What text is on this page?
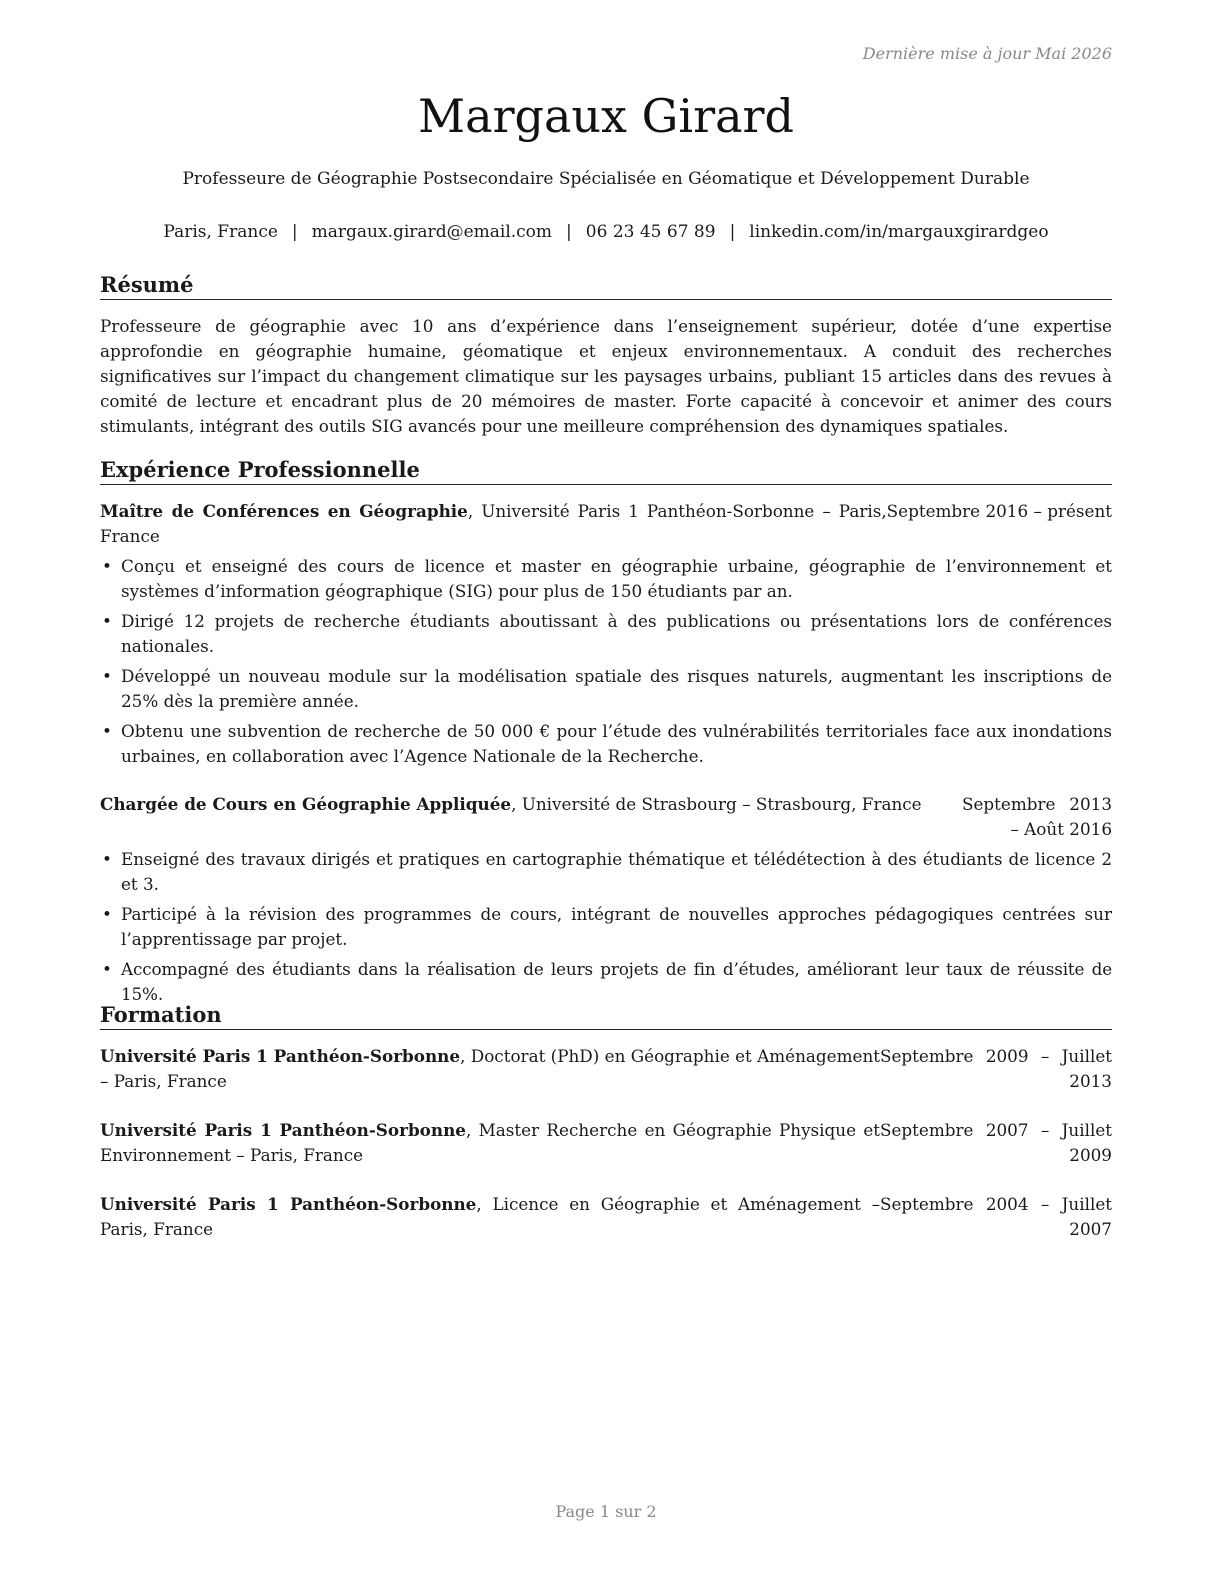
Dernière mise à jour Mai 2026
Margaux Girard
Professeure de Géographie Postsecondaire Spécialisée en Géomatique et Développement Durable
Paris, France | margaux.girard@email.com | 06 23 45 67 89 | linkedin.com/in/margauxgirardgeo
Résumé
Professeure de géographie avec 10 ans d’expérience dans l’enseignement supérieur, dotée d’une expertise approfondie en géographie humaine, géomatique et enjeux environnementaux. A conduit des recherches significatives sur l’impact du changement climatique sur les paysages urbains, publiant 15 articles dans des revues à comité de lecture et encadrant plus de 20 mémoires de master. Forte capacité à concevoir et animer des cours stimulants, intégrant des outils SIG avancés pour une meilleure compréhension des dynamiques spatiales.
Expérience Professionnelle
Maître de Conférences en Géographie, Université Paris 1 Panthéon-Sorbonne – Paris, France
Septembre 2016 – présent
• Conçu et enseigné des cours de licence et master en géographie urbaine, géographie de l’environnement et systèmes d’information géographique (SIG) pour plus de 150 étudiants par an.
• Dirigé 12 projets de recherche étudiants aboutissant à des publications ou présentations lors de conférences nationales.
• Développé un nouveau module sur la modélisation spatiale des risques naturels, augmentant les inscriptions de 25% dès la première année.
• Obtenu une subvention de recherche de 50 000 € pour l’étude des vulnérabilités territoriales face aux inondations urbaines, en collaboration avec l’Agence Nationale de la Recherche.
Chargée de Cours en Géographie Appliquée, Université de Strasbourg – Strasbourg, France	Septembre 2013 – Août 2016
• Enseigné des travaux dirigés et pratiques en cartographie thématique et télédétection à des étudiants de licence 2 et 3.
• Participé à la révision des programmes de cours, intégrant de nouvelles approches pédagogiques centrées sur l’apprentissage par projet.
• Accompagné des étudiants dans la réalisation de leurs projets de fin d’études, améliorant leur taux de réussite de 15%.
Formation
Université Paris 1 Panthéon-Sorbonne, Doctorat (PhD) en Géographie et Aménagement – Paris, France
Septembre 2009 – Juillet 2013
Université Paris 1 Panthéon-Sorbonne, Master Recherche en Géographie Physique et Environnement – Paris, France
Septembre 2007 – Juillet 2009
Université Paris 1 Panthéon-Sorbonne, Licence en Géographie et Aménagement – Paris, France
Septembre 2004 – Juillet 2007
Page 1 sur 2
